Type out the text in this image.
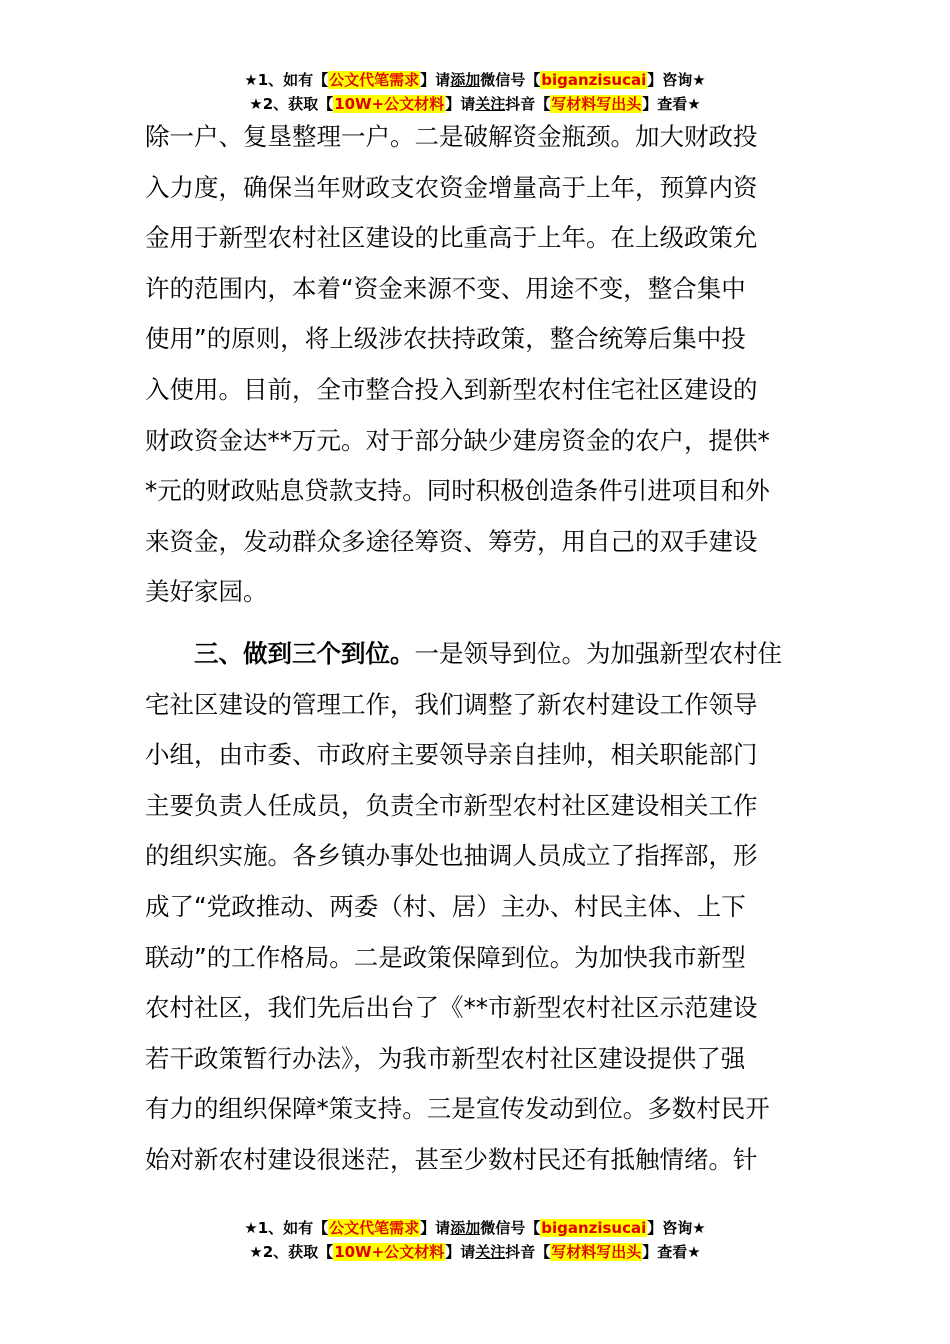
★1、如有【公文代笔需求】请添加微信号【biganzisucai】咨询★
★2、获取【10W+公文材料】请关注抖音【写材料写出头】查看★

除一户、复垦整理一户。二是破解资金瓶颈。加大财政投
入力度，确保当年财政支农资金增量高于上年，预算内资
金用于新型农村社区建设的比重高于上年。在上级政策允
许的范围内，本着“资金来源不变、用途不变，整合集中
使用”的原则，将上级涉农扶持政策，整合统筹后集中投
入使用。目前，全市整合投入到新型农村住宅社区建设的
财政资金达**万元。对于部分缺少建房资金的农户，提供*
*元的财政贴息贷款支持。同时积极创造条件引进项目和外
来资金，发动群众多途径筹资、筹劳，用自己的双手建设
美好家园。

三、做到三个到位。一是领导到位。为加强新型农村住
宅社区建设的管理工作，我们调整了新农村建设工作领导
小组，由市委、市政府主要领导亲自挂帅，相关职能部门
主要负责人任成员，负责全市新型农村社区建设相关工作
的组织实施。各乡镇办事处也抽调人员成立了指挥部，形
成了“党政推动、两委（村、居）主办、村民主体、上下
联动”的工作格局。二是政策保障到位。为加快我市新型
农村社区，我们先后出台了《**市新型农村社区示范建设
若干政策暂行办法》，为我市新型农村社区建设提供了强
有力的组织保障*策支持。三是宣传发动到位。多数村民开
始对新农村建设很迷茫，甚至少数村民还有抵触情绪。针

★1、如有【公文代笔需求】请添加微信号【biganzisucai】咨询★
★2、获取【10W+公文材料】请关注抖音【写材料写出头】查看★
